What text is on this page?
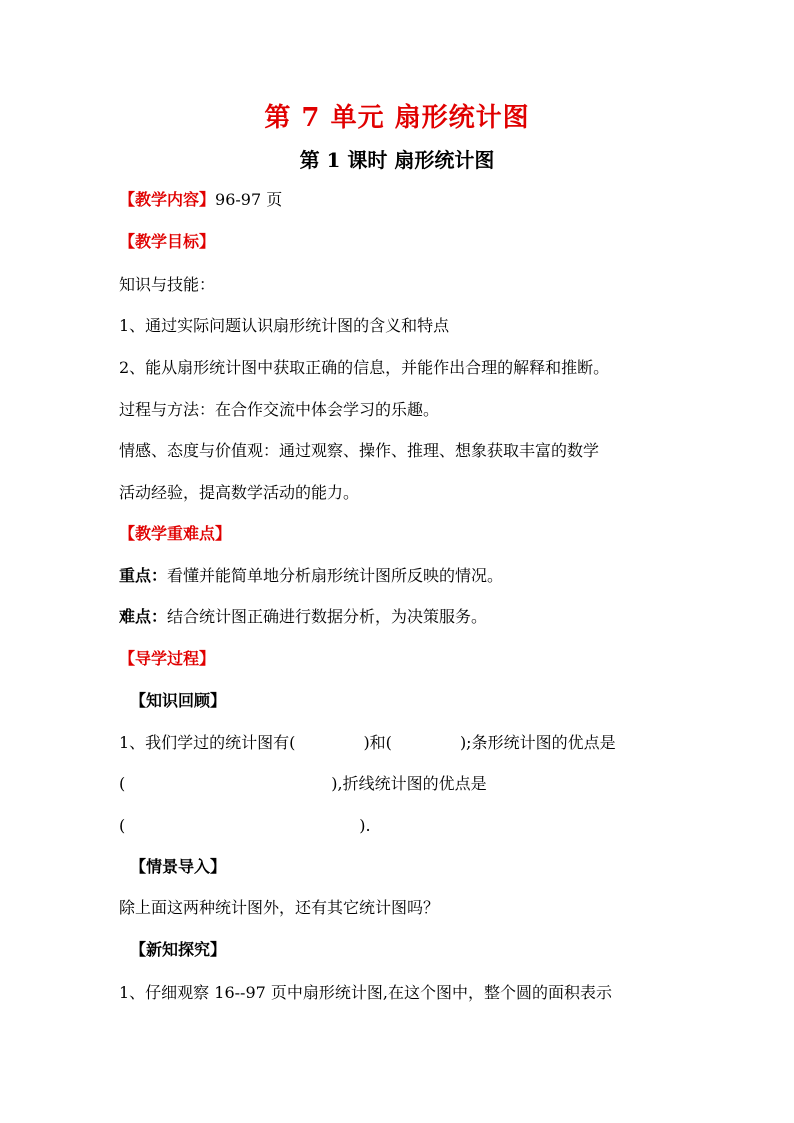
第 7 单元 扇形统计图
第 1 课时 扇形统计图
【教学内容】96-97 页
【教学目标】
知识与技能：
1、通过实际问题认识扇形统计图的含义和特点
2、能从扇形统计图中获取正确的信息，并能作出合理的解释和推断。
过程与方法：在合作交流中体会学习的乐趣。
情感、态度与价值观：通过观察、操作、推理、想象获取丰富的数学
活动经验，提高数学活动的能力。
【教学重难点】
重点：看懂并能简单地分析扇形统计图所反映的情况。
难点：结合统计图正确进行数据分析，为决策服务。
【导学过程】
【知识回顾】
1、我们学过的统计图有(	)和(	);条形统计图的优点是
(	),折线统计图的优点是
(	).
【情景导入】
除上面这两种统计图外，还有其它统计图吗？
【新知探究】
1、仔细观察 16--97 页中扇形统计图,在这个图中，整个圆的面积表示
